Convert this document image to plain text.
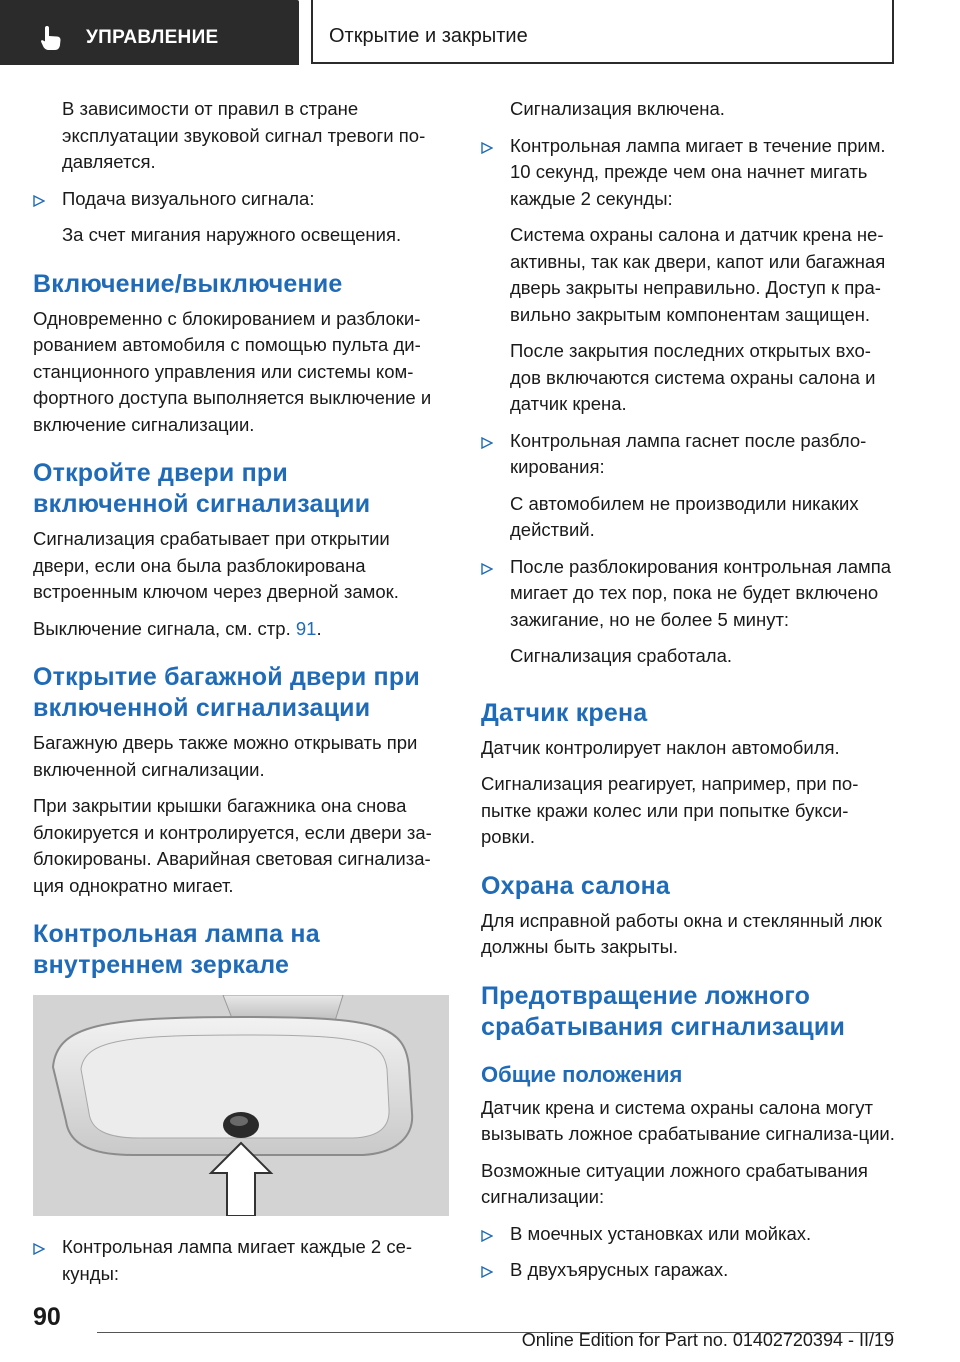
УПРАВЛЕНИЕ	Открытие и закрытие

В зависимости от правил в стране эксплуатации звуковой сигнал тревоги по-давляется.

Подача визуального сигнала:

За счет мигания наружного освещения.

Включение/выключение

Одновременно с блокированием и разблоки-рованием автомобиля с помощью пульта ди-станционного управления или системы ком-фортного доступа выполняется выключение и включение сигнализации.

Откройте двери при включенной сигнализации

Сигнализация срабатывает при открытии двери, если она была разблокирована встроенным ключом через дверной замок.

Выключение сигнала, см. стр. 91.

Открытие багажной двери при включенной сигнализации

Багажную дверь также можно открывать при включенной сигнализации.

При закрытии крышки багажника она снова блокируется и контролируется, если двери за-блокированы. Аварийная световая сигнализа-ция однократно мигает.

Контрольная лампа на внутреннем зеркале

Контрольная лампа мигает каждые 2 се-кунды:

Сигнализация включена.

Контрольная лампа мигает в течение прим. 10 секунд, прежде чем она начнет мигать каждые 2 секунды:

Система охраны салона и датчик крена не-активны, так как двери, капот или багажная дверь закрыты неправильно. Доступ к пра-вильно закрытым компонентам защищен.

После закрытия последних открытых вхо-дов включаются система охраны салона и датчик крена.

Контрольная лампа гаснет после разбло-кирования:

С автомобилем не производили никаких действий.

После разблокирования контрольная лампа мигает до тех пор, пока не будет включено зажигание, но не более 5 минут:

Сигнализация сработала.

Датчик крена

Датчик контролирует наклон автомобиля.

Сигнализация реагирует, например, при по-пытке кражи колес или при попытке букси-ровки.

Охрана салона

Для исправной работы окна и стеклянный люк должны быть закрыты.

Предотвращение ложного срабатывания сигнализации
Общие положения

Датчик крена и система охраны салона могут вызывать ложное срабатывание сигнализа-ции.

Возможные ситуации ложного срабатывания сигнализации:

В моечных установках или мойках.

В двухъярусных гаражах.

90
Online Edition for Part no. 01402720394 - II/19
